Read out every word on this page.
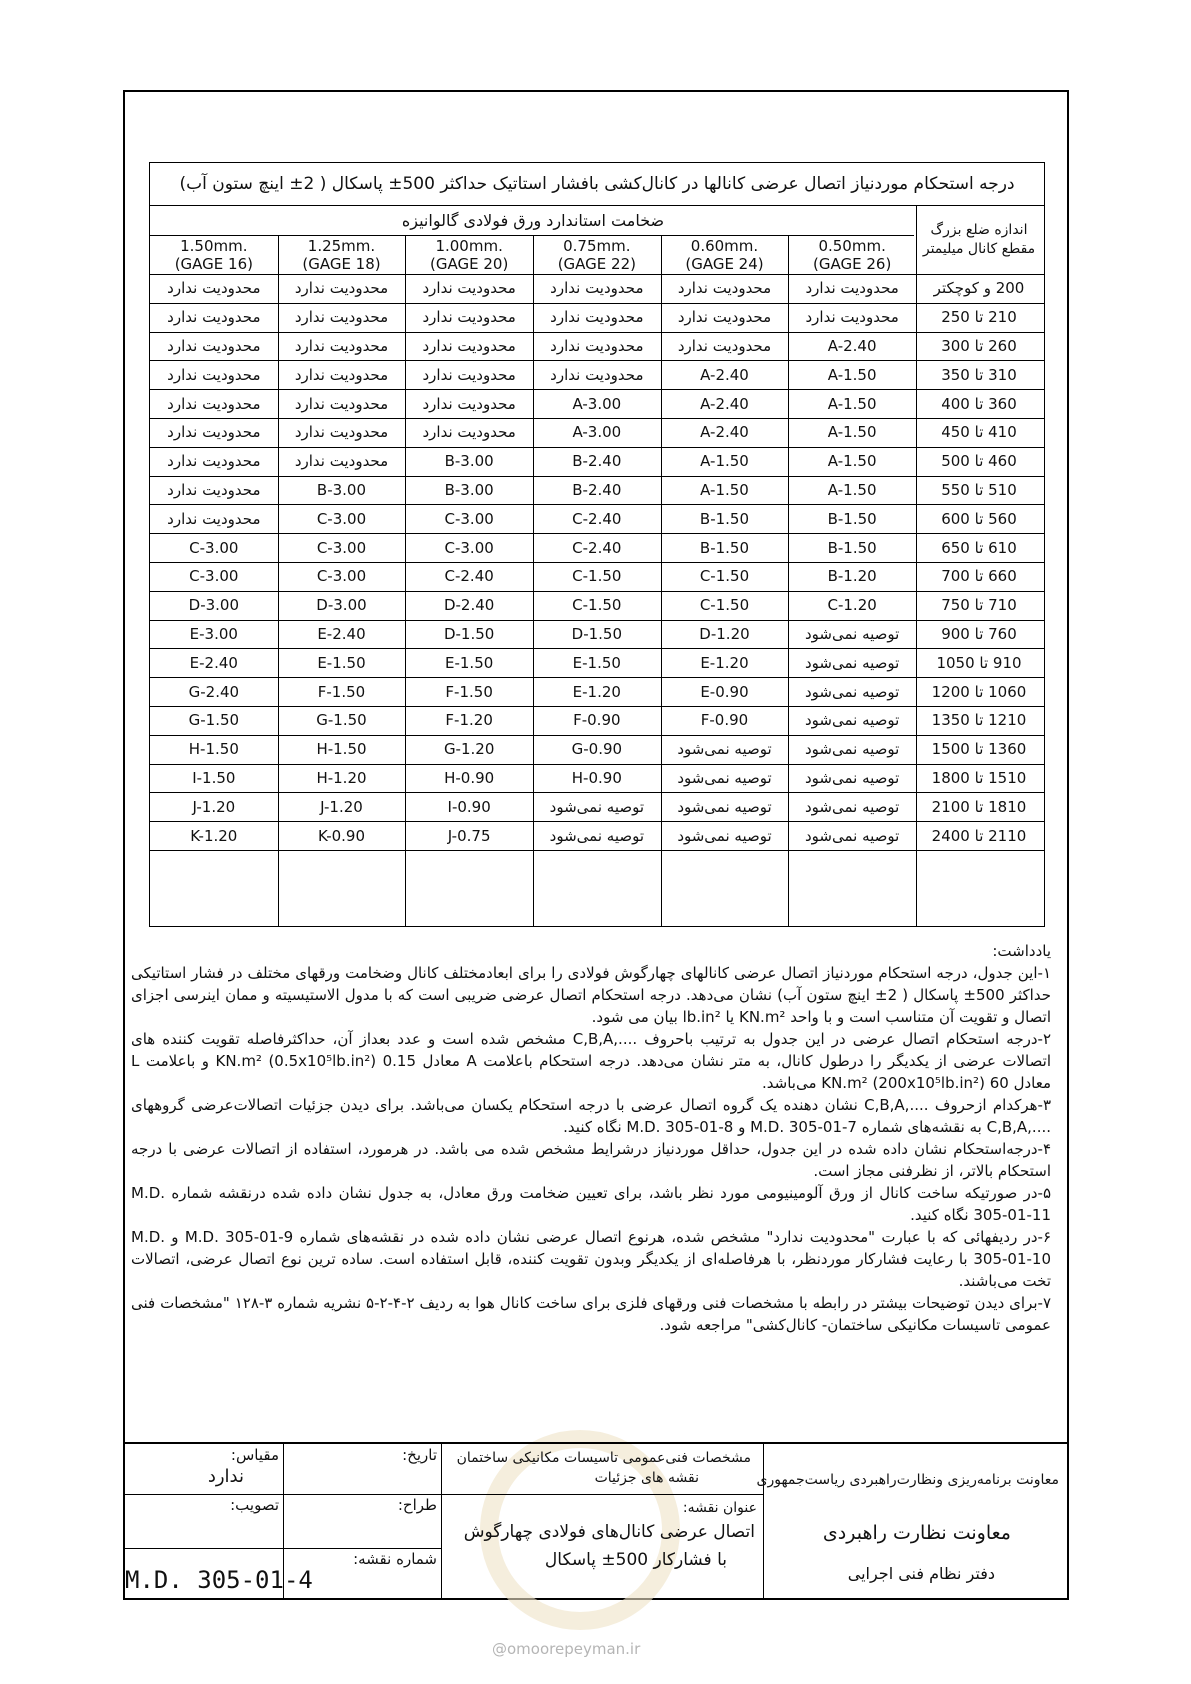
درجه استحکام موردنیاز اتصال عرضی کانالها در کانال‌کشی بافشار استاتیک حداکثر 500± پاسکال ( 2± اینچ ستون آب)
اندازه ضلع بزرگ مقطع کانال میلیمتر
ضخامت استاندارد ورق فولادی گالوانیزه
0.50mm.
(GAGE 26)
0.60mm.
(GAGE 24)
0.75mm.
(GAGE 22)
1.00mm.
(GAGE 20)
1.25mm.
(GAGE 18)
1.50mm.
(GAGE 16)
200 و کوچکتر
محدودیت ندارد
محدودیت ندارد
محدودیت ندارد
محدودیت ندارد
محدودیت ندارد
محدودیت ندارد
210 تا 250
محدودیت ندارد
محدودیت ندارد
محدودیت ندارد
محدودیت ندارد
محدودیت ندارد
محدودیت ندارد
260 تا 300
A-2.40
محدودیت ندارد
محدودیت ندارد
محدودیت ندارد
محدودیت ندارد
محدودیت ندارد
310 تا 350
A-1.50
A-2.40
محدودیت ندارد
محدودیت ندارد
محدودیت ندارد
محدودیت ندارد
360 تا 400
A-1.50
A-2.40
A-3.00
محدودیت ندارد
محدودیت ندارد
محدودیت ندارد
410 تا 450
A-1.50
A-2.40
A-3.00
محدودیت ندارد
محدودیت ندارد
محدودیت ندارد
460 تا 500
A-1.50
A-1.50
B-2.40
B-3.00
محدودیت ندارد
محدودیت ندارد
510 تا 550
A-1.50
A-1.50
B-2.40
B-3.00
B-3.00
محدودیت ندارد
560 تا 600
B-1.50
B-1.50
C-2.40
C-3.00
C-3.00
محدودیت ندارد
610 تا 650
B-1.50
B-1.50
C-2.40
C-3.00
C-3.00
C-3.00
660 تا 700
B-1.20
C-1.50
C-1.50
C-2.40
C-3.00
C-3.00
710 تا 750
C-1.20
C-1.50
C-1.50
D-2.40
D-3.00
D-3.00
760 تا 900
توصیه نمی‌شود
D-1.20
D-1.50
D-1.50
E-2.40
E-3.00
910 تا 1050
توصیه نمی‌شود
E-1.20
E-1.50
E-1.50
E-1.50
E-2.40
1060 تا 1200
توصیه نمی‌شود
E-0.90
E-1.20
F-1.50
F-1.50
G-2.40
1210 تا 1350
توصیه نمی‌شود
F-0.90
F-0.90
F-1.20
G-1.50
G-1.50
1360 تا 1500
توصیه نمی‌شود
توصیه نمی‌شود
G-0.90
G-1.20
H-1.50
H-1.50
1510 تا 1800
توصیه نمی‌شود
توصیه نمی‌شود
H-0.90
H-0.90
H-1.20
I-1.50
1810 تا 2100
توصیه نمی‌شود
توصیه نمی‌شود
توصیه نمی‌شود
I-0.90
J-1.20
J-1.20
2110 تا 2400
توصیه نمی‌شود
توصیه نمی‌شود
توصیه نمی‌شود
J-0.75
K-0.90
K-1.20

یادداشت:

۱-این جدول، درجه استحکام موردنیاز اتصال عرضی کانالهای چهارگوش فولادی را برای ابعادمختلف کانال وضخامت ورقهای مختلف در فشار استاتیکی حداکثر 500± پاسکال ( 2± اینچ ستون آب) نشان می‌دهد. درجه استحکام اتصال عرضی ضریبی است که با مدول الاستیسیته و ممان اینرسی اجزای اتصال و تقویت آن متناسب است و با واحد KN.m² یا lb.in² بیان می شود.

۲-درجه استحکام اتصال عرضی در این جدول به ترتیب باحروف ....,C,B,A مشخص شده است و عدد بعداز آن، حداکثرفاصله تقویت کننده های اتصالات عرضی از یکدیگر را درطول کانال، به متر نشان می‌دهد. درجه استحکام باعلامت A معادل 0.15 KN.m² (0.5x10⁵lb.in²) و باعلامت L معادل 60 KN.m² (200x10⁵lb.in²) می‌باشد.

۳-هرکدام ازحروف ....,C,B,A نشان دهنده یک گروه اتصال عرضی با درجه استحکام یکسان می‌باشد. برای دیدن جزئیات اتصالات‌عرضی گروههای ....,C,B,A به نقشه‌های شماره M.D. 305-01-7 و M.D. 305-01-8 نگاه کنید.

۴-درجه‌استحکام نشان داده شده در این جدول، حداقل موردنیاز درشرایط مشخص شده می باشد. در هرمورد، استفاده از اتصالات عرضی با درجه استحکام بالاتر، از نظرفنی مجاز است.

۵-در صورتیکه ساخت کانال از ورق آلومینیومی مورد نظر باشد، برای تعیین ضخامت ورق معادل، به جدول نشان داده شده درنقشه شماره M.D. 305-01-11 نگاه کنید.

۶-در ردیفهائی که با عبارت "محدودیت ندارد" مشخص شده، هرنوع اتصال عرضی نشان داده شده در نقشه‌های شماره M.D. 305-01-9 و M.D. 305-01-10 با رعایت فشارکار موردنظر، با هرفاصله‌ای از یکدیگر وبدون تقویت کننده، قابل استفاده است. ساده ترین نوع اتصال عرضی، اتصالات تخت می‌باشند.

۷-برای دیدن توضیحات بیشتر در رابطه با مشخصات فنی ورقهای فلزی برای ساخت کانال هوا به ردیف ۲-۴-۲-۵ نشریه شماره ۳-۱۲۸ "مشخصات فنی عمومی تاسیسات مکانیکی ساختمان- کانال‌کشی" مراجعه شود.

معاونت برنامه‌ریزی ونظارت‌راهبردی ریاست‌جمهوری
معاونت نظارت راهبردی
دفتر نظام فنی اجرایی
مشخصات فنی‌عمومی تاسیسات مکانیکی ساختمان
نقشه های جزئیات
عنوان نقشه:
اتصال عرضی کانال‌های فولادی چهارگوش
با فشارکار 500± پاسکال
تاریخ:
طراح:
شماره نقشه:
مقیاس:
ندارد
تصویب:
M.D. 305-01-4
@omoorepeyman.ir
